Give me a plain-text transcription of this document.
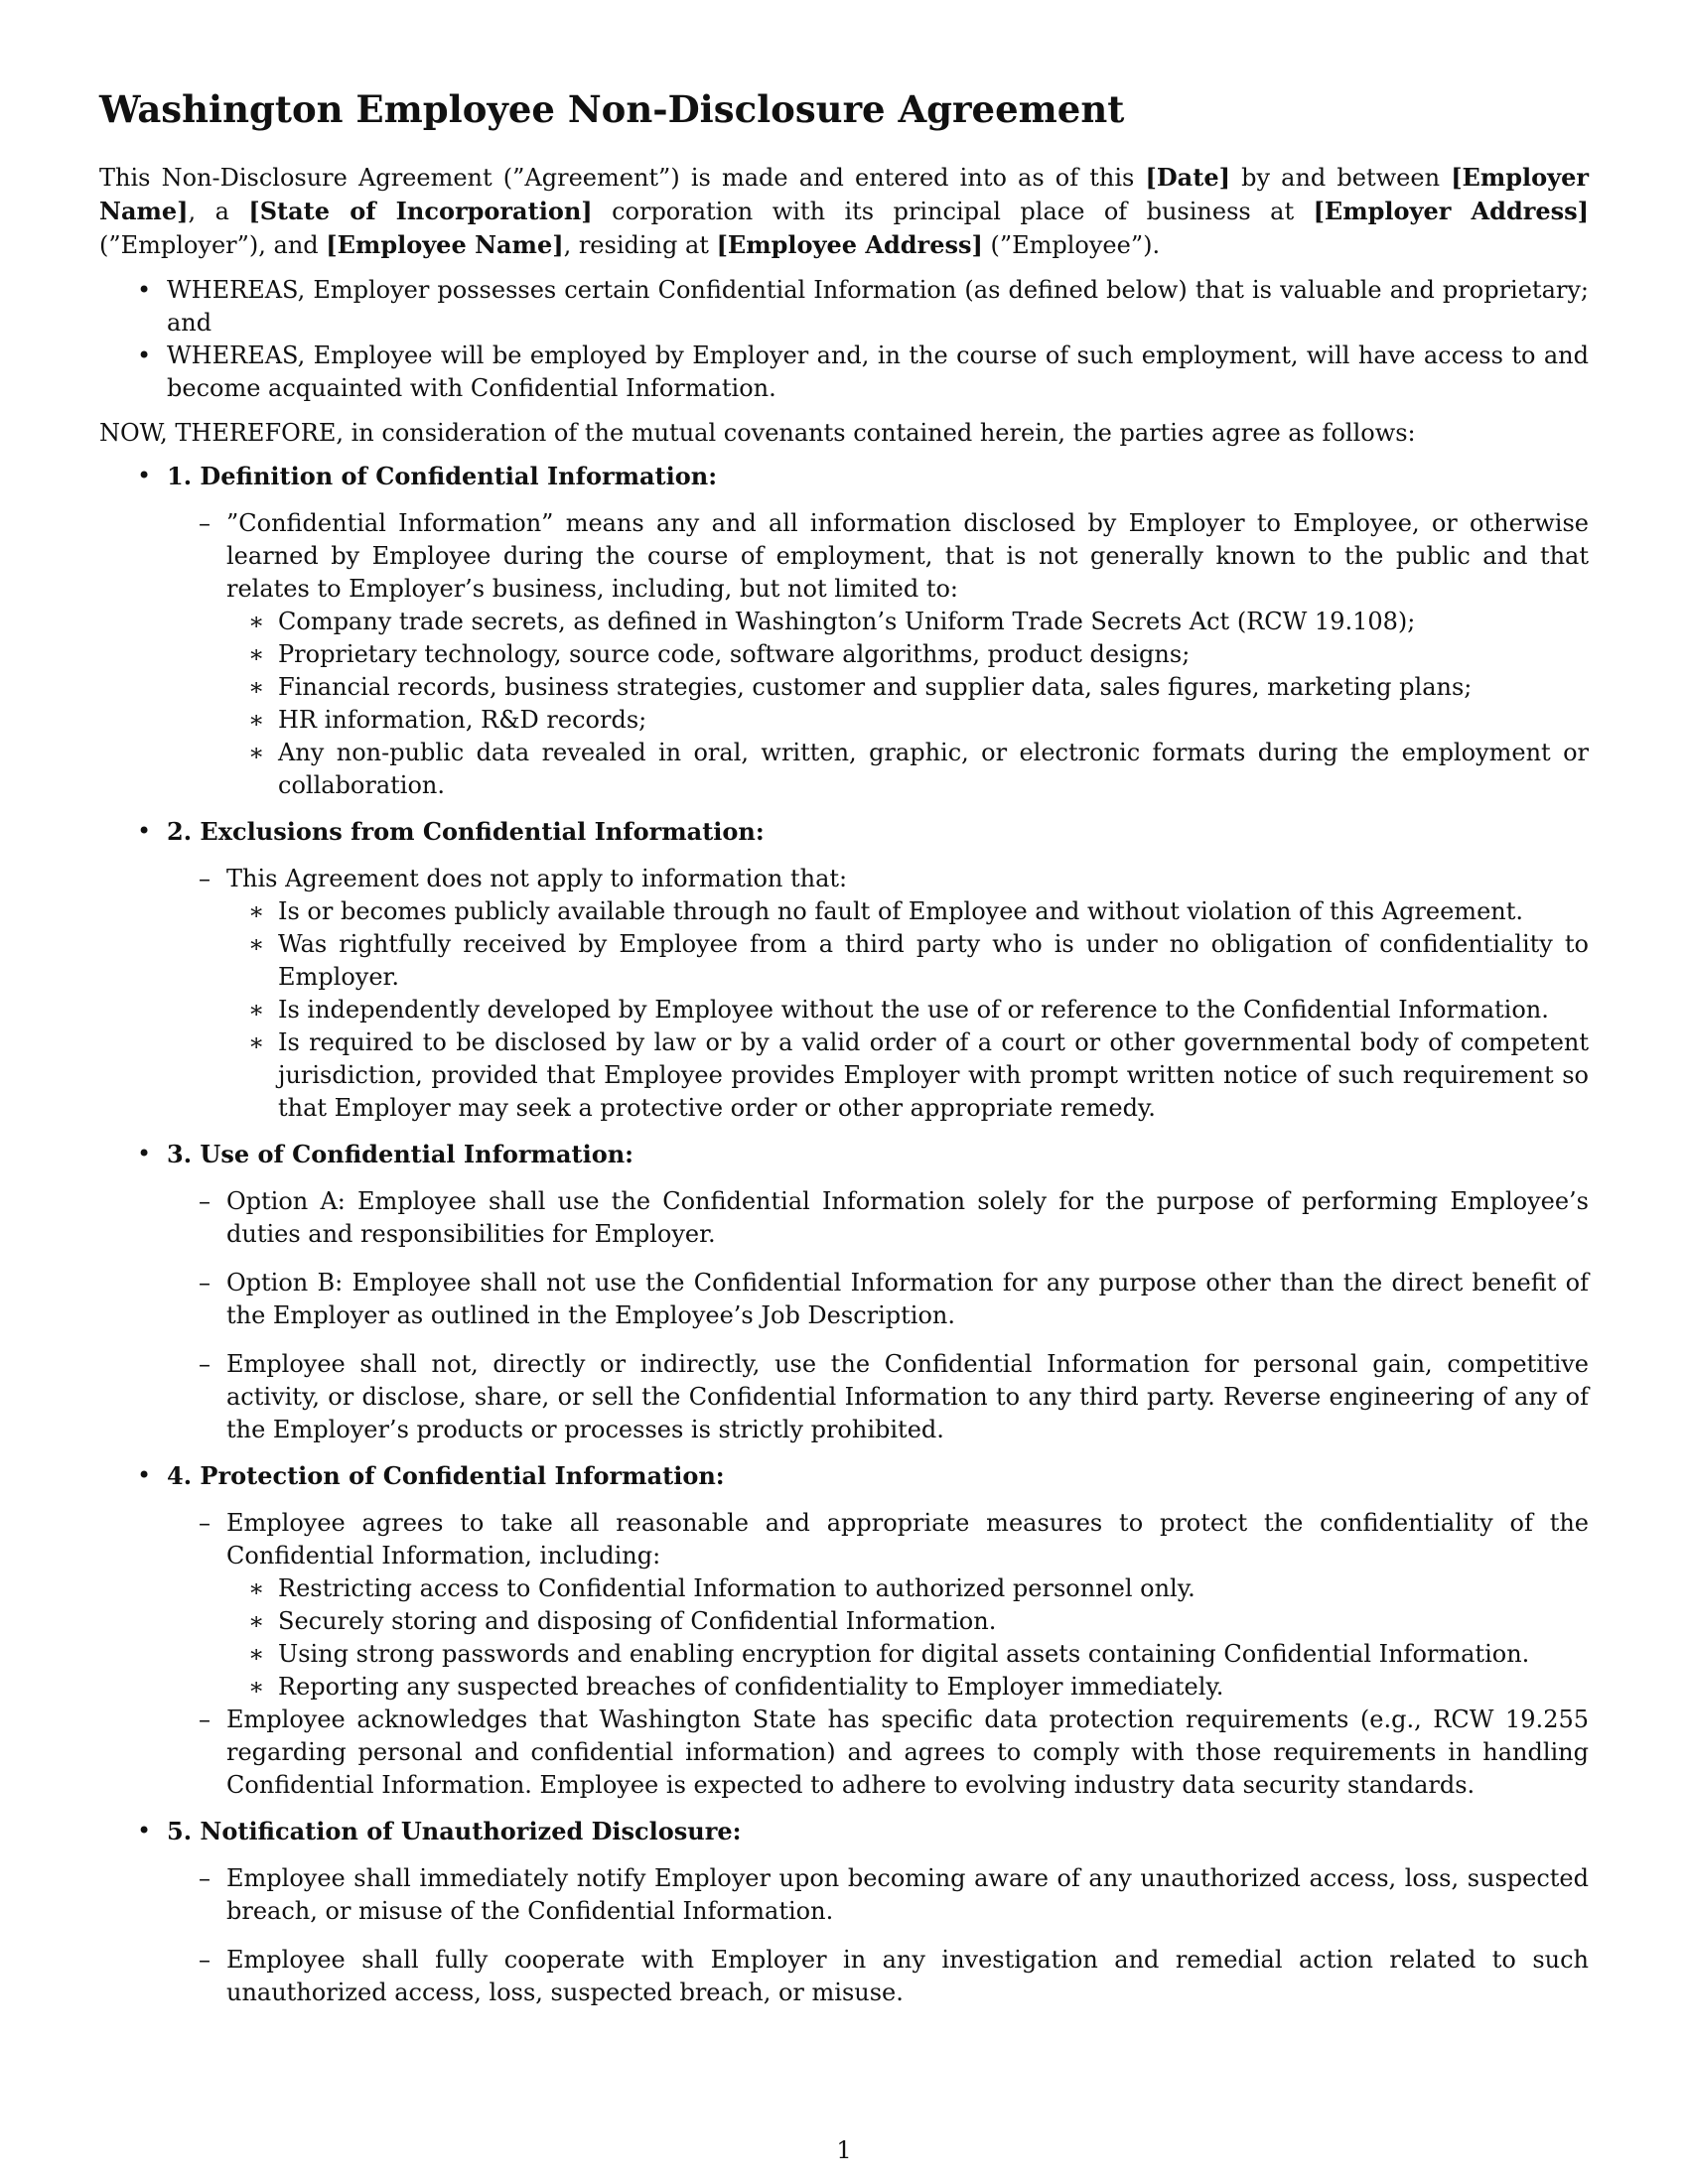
Washington Employee Non-Disclosure Agreement

This Non-Disclosure Agreement (”Agreement”) is made and entered into as of this [Date] by and between [Employer Name], a [State of Incorporation] corporation with its principal place of business at [Employer Address] (”Employer”), and [Employee Name], residing at [Employee Address] (”Employee”).

• WHEREAS, Employer possesses certain Confidential Information (as defined below) that is valuable and proprietary; and
• WHEREAS, Employee will be employed by Employer and, in the course of such employment, will have access to and become acquainted with Confidential Information.

NOW, THEREFORE, in consideration of the mutual covenants contained herein, the parties agree as follows:

• 1. Definition of Confidential Information:
– ”Confidential Information” means any and all information disclosed by Employer to Employee, or otherwise learned by Employee during the course of employment, that is not generally known to the public and that relates to Employer’s business, including, but not limited to:
∗ Company trade secrets, as defined in Washington’s Uniform Trade Secrets Act (RCW 19.108);
∗ Proprietary technology, source code, software algorithms, product designs;
∗ Financial records, business strategies, customer and supplier data, sales figures, marketing plans;
∗ HR information, R&D records;
∗ Any non-public data revealed in oral, written, graphic, or electronic formats during the employment or collaboration.
• 2. Exclusions from Confidential Information:
– This Agreement does not apply to information that:
∗ Is or becomes publicly available through no fault of Employee and without violation of this Agreement.
∗ Was rightfully received by Employee from a third party who is under no obligation of confidentiality to Employer.
∗ Is independently developed by Employee without the use of or reference to the Confidential Information.
∗ Is required to be disclosed by law or by a valid order of a court or other governmental body of competent jurisdiction, provided that Employee provides Employer with prompt written notice of such requirement so that Employer may seek a protective order or other appropriate remedy.
• 3. Use of Confidential Information:
– Option A: Employee shall use the Confidential Information solely for the purpose of performing Employee’s duties and responsibilities for Employer.
– Option B: Employee shall not use the Confidential Information for any purpose other than the direct benefit of the Employer as outlined in the Employee’s Job Description.
– Employee shall not, directly or indirectly, use the Confidential Information for personal gain, competitive activity, or disclose, share, or sell the Confidential Information to any third party. Reverse engineering of any of the Employer’s products or processes is strictly prohibited.
• 4. Protection of Confidential Information:
– Employee agrees to take all reasonable and appropriate measures to protect the confidentiality of the Confidential Information, including:
∗ Restricting access to Confidential Information to authorized personnel only.
∗ Securely storing and disposing of Confidential Information.
∗ Using strong passwords and enabling encryption for digital assets containing Confidential Information.
∗ Reporting any suspected breaches of confidentiality to Employer immediately.
– Employee acknowledges that Washington State has specific data protection requirements (e.g., RCW 19.255 regarding personal and confidential information) and agrees to comply with those requirements in handling Confidential Information. Employee is expected to adhere to evolving industry data security standards.
• 5. Notification of Unauthorized Disclosure:
– Employee shall immediately notify Employer upon becoming aware of any unauthorized access, loss, suspected breach, or misuse of the Confidential Information.
– Employee shall fully cooperate with Employer in any investigation and remedial action related to such unauthorized access, loss, suspected breach, or misuse.
1
